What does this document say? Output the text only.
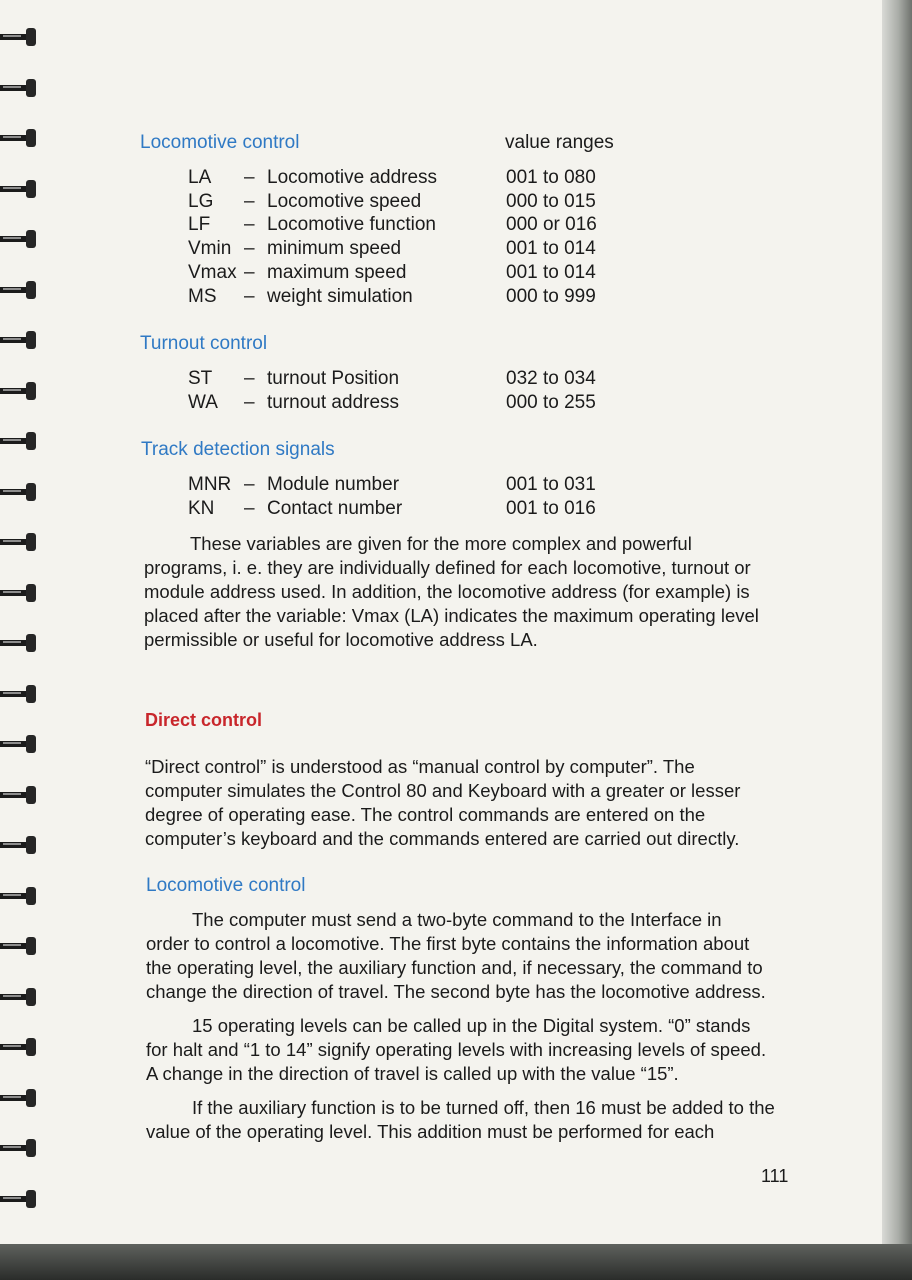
Locomotive control	value ranges
LA – Locomotive address	001 to 080
LG – Locomotive speed	000 to 015
LF – Locomotive function	000 or 016
Vmin – minimum speed	001 to 014
Vmax – maximum speed	001 to 014
MS – weight simulation	000 to 999
Turnout control
ST – turnout Position	032 to 034
WA – turnout address	000 to 255
Track detection signals
MNR – Module number	001 to 031
KN – Contact number	001 to 016
These variables are given for the more complex and powerful
programs, i. e. they are individually defined for each locomotive, turnout or
module address used. In addition, the locomotive address (for example) is
placed after the variable: Vmax (LA) indicates the maximum operating level
permissible or useful for locomotive address LA.
Direct control
“Direct control” is understood as “manual control by computer”. The
computer simulates the Control 80 and Keyboard with a greater or lesser
degree of operating ease. The control commands are entered on the
computer’s keyboard and the commands entered are carried out directly.
Locomotive control
The computer must send a two-byte command to the Interface in
order to control a locomotive. The first byte contains the information about
the operating level, the auxiliary function and, if necessary, the command to
change the direction of travel. The second byte has the locomotive address.
15 operating levels can be called up in the Digital system. “0” stands
for halt and “1 to 14” signify operating levels with increasing levels of speed.
A change in the direction of travel is called up with the value “15”.
If the auxiliary function is to be turned off, then 16 must be added to the
value of the operating level. This addition must be performed for each
111
